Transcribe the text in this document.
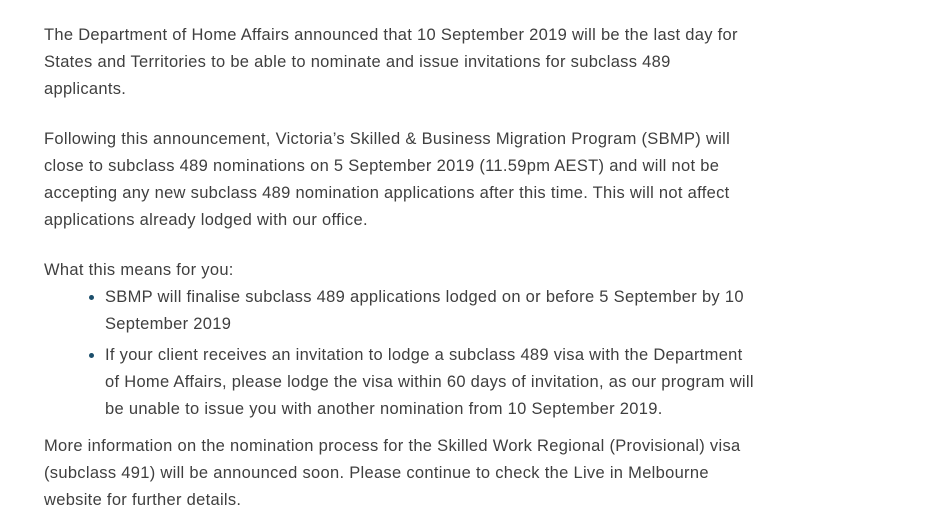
The Department of Home Affairs announced that 10 September 2019 will be the last day for
States and Territories to be able to nominate and issue invitations for subclass 489
applicants.

Following this announcement, Victoria’s Skilled & Business Migration Program (SBMP) will
close to subclass 489 nominations on 5 September 2019 (11.59pm AEST) and will not be
accepting any new subclass 489 nomination applications after this time. This will not affect
applications already lodged with our office.

What this means for you:

SBMP will finalise subclass 489 applications lodged on or before 5 September by 10
September 2019
If your client receives an invitation to lodge a subclass 489 visa with the Department
of Home Affairs, please lodge the visa within 60 days of invitation, as our program will
be unable to issue you with another nomination from 10 September 2019.

More information on the nomination process for the Skilled Work Regional (Provisional) visa
(subclass 491) will be announced soon. Please continue to check the Live in Melbourne
website for further details.
